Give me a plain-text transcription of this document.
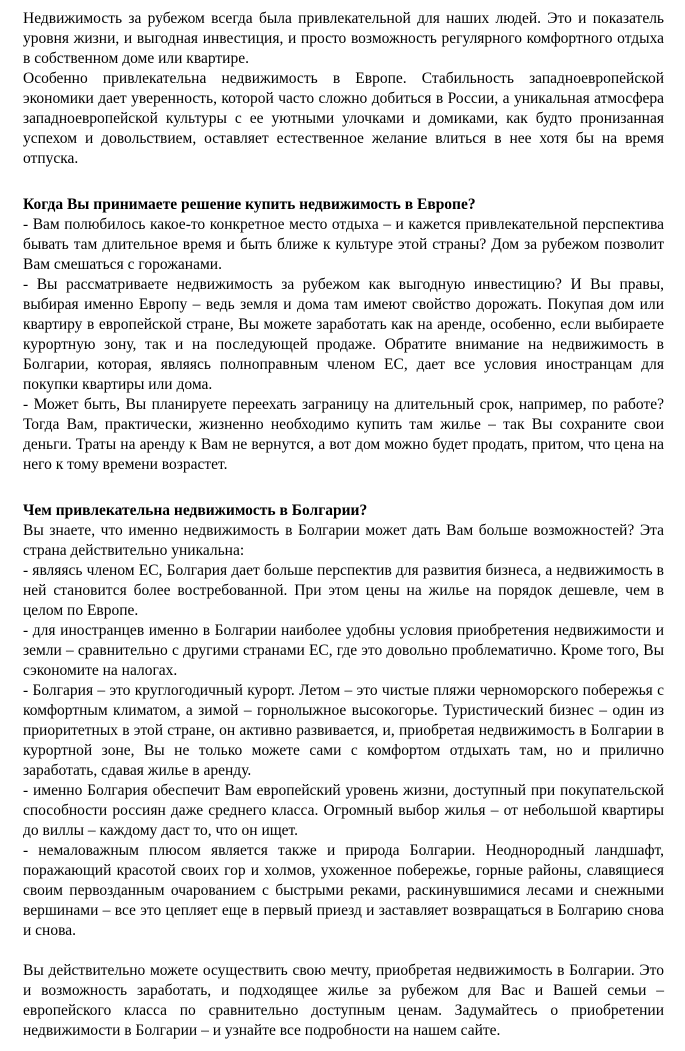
Недвижимость за рубежом всегда была привлекательной для наших людей. Это и показатель уровня жизни, и выгодная инвестиция, и просто возможность регулярного комфортного отдыха в собственном доме или квартире.

Особенно привлекательна недвижимость в Европе. Стабильность западноевропейской экономики дает уверенность, которой часто сложно добиться в России, а уникальная атмосфера западноевропейской культуры с ее уютными улочками и домиками, как будто пронизанная успехом и довольствием, оставляет естественное желание влиться в нее хотя бы на время отпуска.

Когда Вы принимаете решение купить недвижимость в Европе?

- Вам полюбилось какое-то конкретное место отдыха – и кажется привлекательной перспектива бывать там длительное время и быть ближе к культуре этой страны? Дом за рубежом позволит Вам смешаться с горожанами.

- Вы рассматриваете недвижимость за рубежом как выгодную инвестицию? И Вы правы, выбирая именно Европу – ведь земля и дома там имеют свойство дорожать. Покупая дом или квартиру в европейской стране, Вы можете заработать как на аренде, особенно, если выбираете курортную зону, так и на последующей продаже. Обратите внимание на недвижимость в Болгарии, которая, являясь полноправным членом ЕС, дает все условия иностранцам для покупки квартиры или дома.

- Может быть, Вы планируете переехать заграницу на длительный срок, например, по работе? Тогда Вам, практически, жизненно необходимо купить там жилье – так Вы сохраните свои деньги. Траты на аренду к Вам не вернутся, а вот дом можно будет продать, притом, что цена на него к тому времени возрастет.

Чем привлекательна недвижимость в Болгарии?

Вы знаете, что именно недвижимость в Болгарии может дать Вам больше возможностей? Эта страна действительно уникальна:

- являясь членом ЕС, Болгария дает больше перспектив для развития бизнеса, а недвижимость в ней становится более востребованной. При этом цены на жилье на порядок дешевле, чем в целом по Европе.

- для иностранцев именно в Болгарии наиболее удобны условия приобретения недвижимости и земли – сравнительно с другими странами ЕС, где это довольно проблематично. Кроме того, Вы сэкономите на налогах.

- Болгария – это круглогодичный курорт. Летом – это чистые пляжи черноморского побережья с комфортным климатом, а зимой – горнолыжное высокогорье. Туристический бизнес – один из приоритетных в этой стране, он активно развивается, и, приобретая недвижимость в Болгарии в курортной зоне, Вы не только можете сами с комфортом отдыхать там, но и прилично заработать, сдавая жилье в аренду.

- именно Болгария обеспечит Вам европейский уровень жизни, доступный при покупательской способности россиян даже среднего класса. Огромный выбор жилья – от небольшой квартиры до виллы – каждому даст то, что он ищет.

- немаловажным плюсом является также и природа Болгарии. Неоднородный ландшафт, поражающий красотой своих гор и холмов, ухоженное побережье, горные районы, славящиеся своим первозданным очарованием с быстрыми реками, раскинувшимися лесами и снежными вершинами – все это цепляет еще в первый приезд и заставляет возвращаться в Болгарию снова и снова.

Вы действительно можете осуществить свою мечту, приобретая недвижимость в Болгарии. Это и возможность заработать, и подходящее жилье за рубежом для Вас и Вашей семьи – европейского класса по сравнительно доступным ценам. Задумайтесь о приобретении недвижимости в Болгарии – и узнайте все подробности на нашем сайте.
